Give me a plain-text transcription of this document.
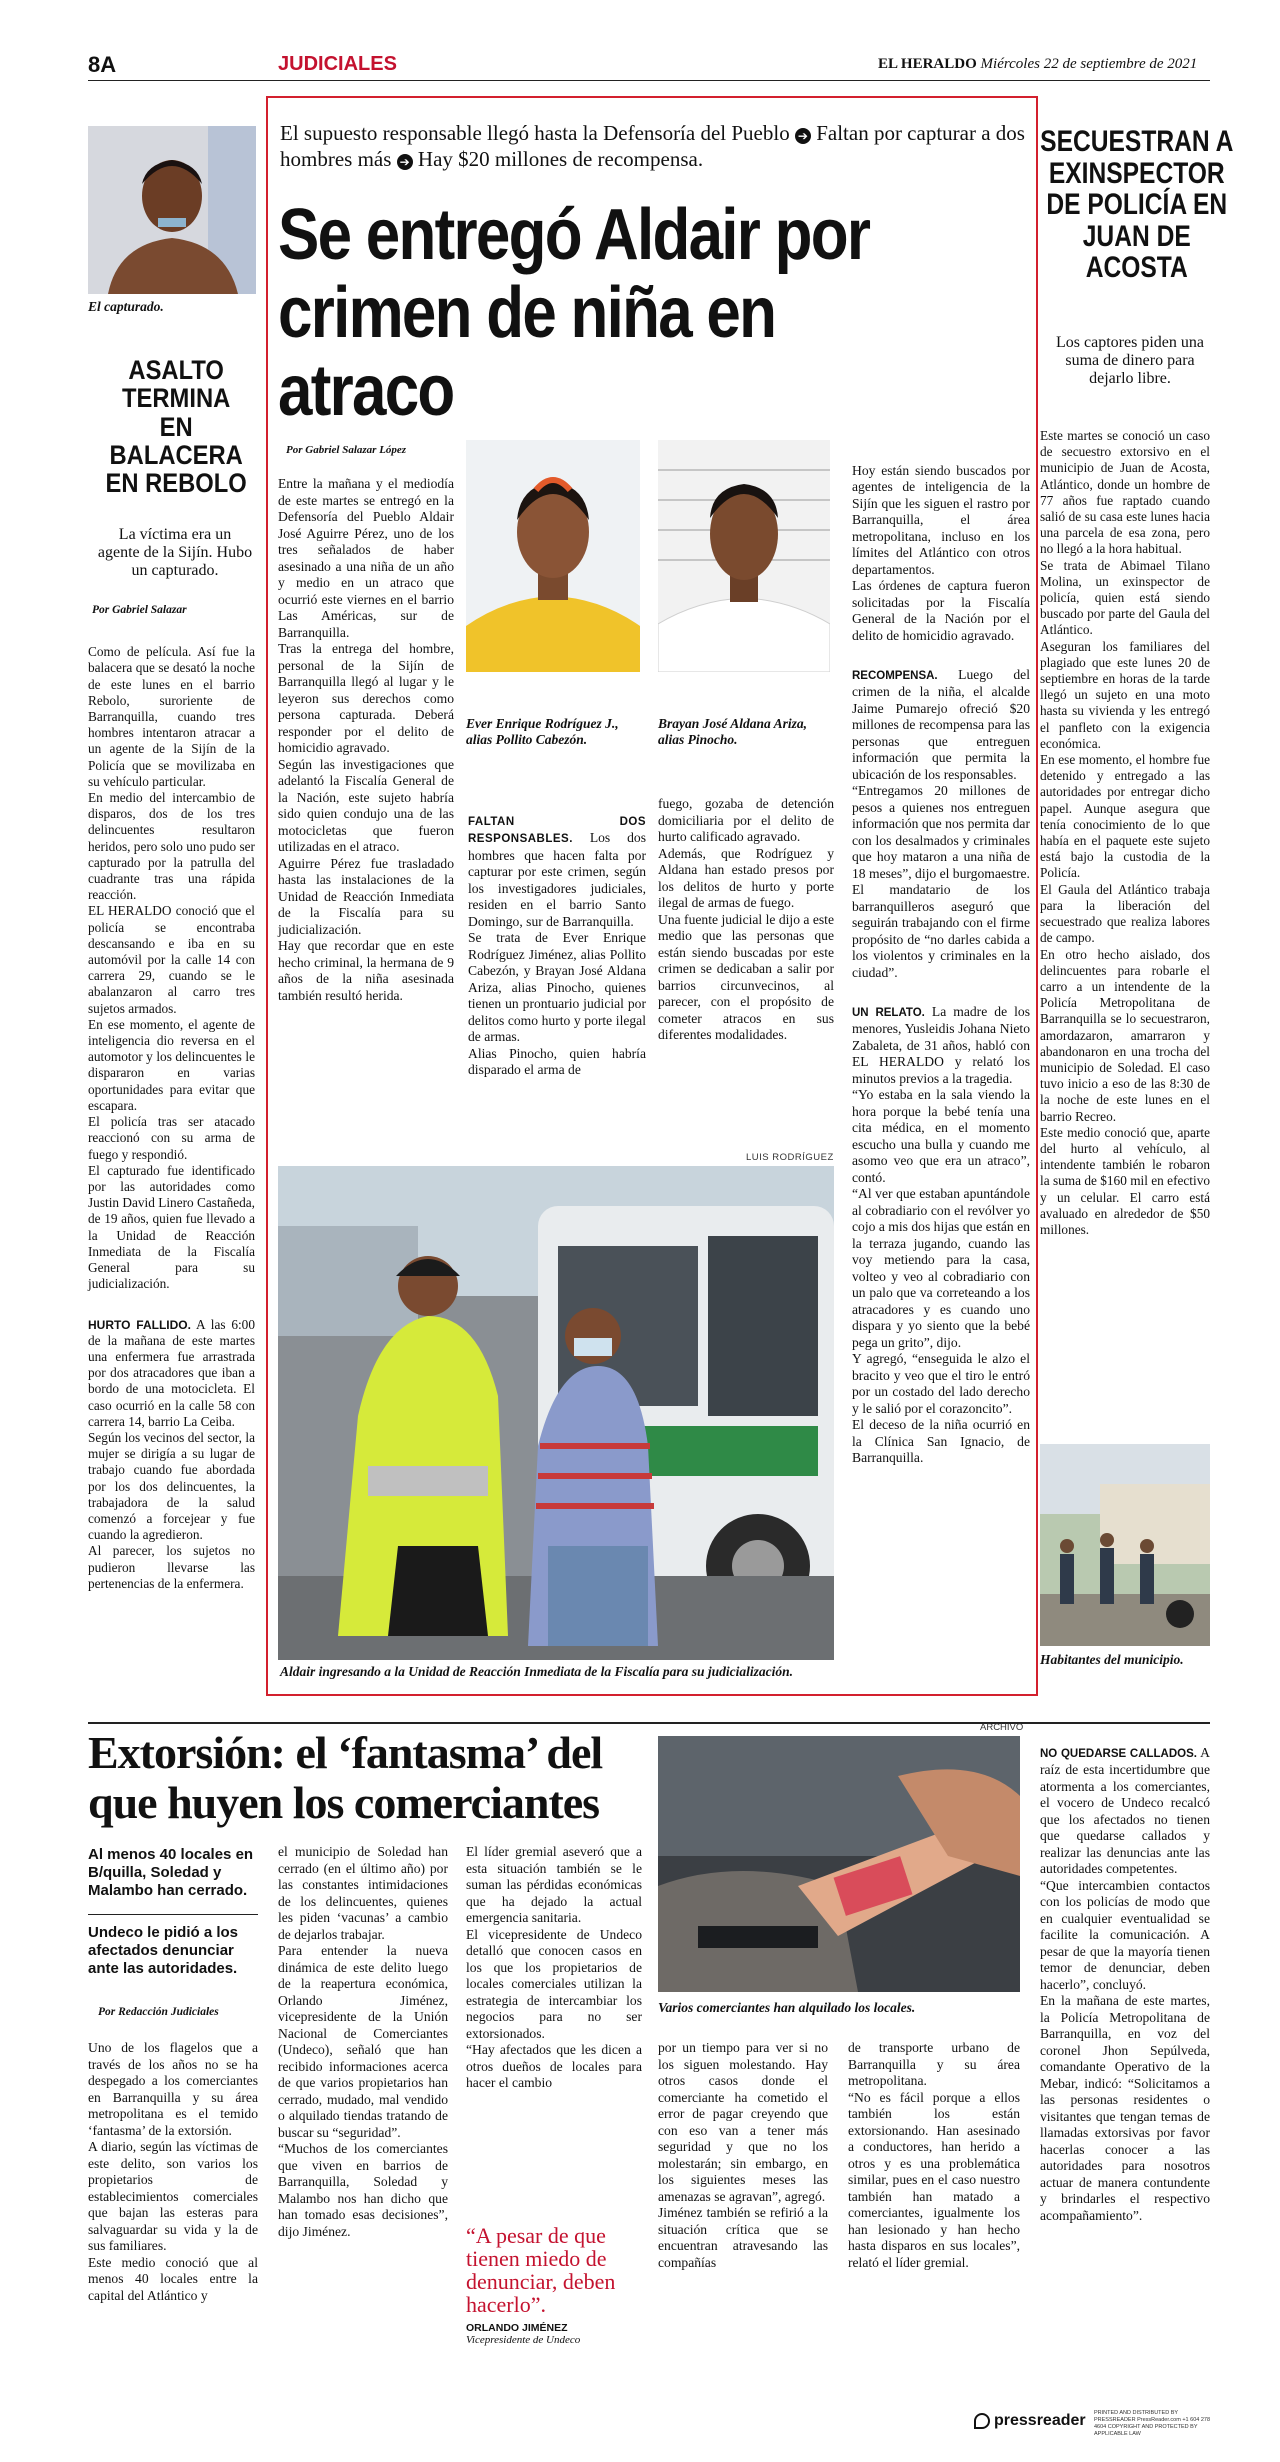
8A	JUDICIALES	EL HERALDO Miércoles 22 de septiembre de 2021
El capturado.
ASALTO TERMINA EN BALACERA EN REBOLO
La víctima era un agente de la Sijín. Hubo un capturado.
Por Gabriel Salazar

Como de película. Así fue la balacera que se desató la noche de este lunes en el barrio Rebolo, suroriente de Barranquilla, cuando tres hombres intentaron atracar a un agente de la Sijín de la Policía que se movilizaba en su vehículo particular.
En medio del intercambio de disparos, dos de los tres delincuentes resultaron heridos, pero solo uno pudo ser capturado por la patrulla del cuadrante tras una rápida reacción.
EL HERALDO conoció que el policía se encontraba descansando e iba en su automóvil por la calle 14 con carrera 29, cuando se le abalanzaron al carro tres sujetos armados.
En ese momento, el agente de inteligencia dio reversa en el automotor y los delincuentes le dispararon en varias oportunidades para evitar que escapara.
El policía tras ser atacado reaccionó con su arma de fuego y respondió.
El capturado fue identificado por las autoridades como Justin David Linero Castañeda, de 19 años, quien fue llevado a la Unidad de Reacción Inmediata de la Fiscalía General para su judicialización.

HURTO FALLIDO. A las 6:00 de la mañana de este martes una enfermera fue arrastrada por dos atracadores que iban a bordo de una motocicleta. El caso ocurrió en la calle 58 con carrera 14, barrio La Ceiba.
Según los vecinos del sector, la mujer se dirigía a su lugar de trabajo cuando fue abordada por los dos delincuentes, la trabajadora de la salud comenzó a forcejear y fue cuando la agredieron.
Al parecer, los sujetos no pudieron llevarse las pertenencias de la enfermera.

El supuesto responsable llegó hasta la Defensoría del Pueblo ➔ Faltan por capturar a dos hombres más ➔ Hay $20 millones de recompensa.
Se entregó Aldair por crimen de niña en atraco
Por Gabriel Salazar López
Entre la mañana y el mediodía de este martes se entregó en la Defensoría del Pueblo Aldair José Aguirre Pérez, uno de los tres señalados de haber asesinado a una niña de un año y medio en un atraco que ocurrió este viernes en el barrio Las Américas, sur de Barranquilla.
Tras la entrega del hombre, personal de la Sijín de Barranquilla llegó al lugar y le leyeron sus derechos como persona capturada. Deberá responder por el delito de homicidio agravado.
Según las investigaciones que adelantó la Fiscalía General de la Nación, este sujeto habría sido quien condujo una de las motocicletas que fueron utilizadas en el atraco.
Aguirre Pérez fue trasladado hasta las instalaciones de la Unidad de Reacción Inmediata de la Fiscalía para su judicialización.
Hay que recordar que en este hecho criminal, la hermana de 9 años de la niña asesinada también resultó herida.
Ever Enrique Rodríguez J., alias Pollito Cabezón.
Brayan José Aldana Ariza, alias Pinocho.

FALTAN DOS RESPONSABLES. Los dos hombres que hacen falta por capturar por este crimen, según los investigadores judiciales, residen en el barrio Santo Domingo, sur de Barranquilla.
Se trata de Ever Enrique Rodríguez Jiménez, alias Pollito Cabezón, y Brayan José Aldana Ariza, alias Pinocho, quienes tienen un prontuario judicial por delitos como hurto y porte ilegal de armas.
Alias Pinocho, quien habría disparado el arma de

fuego, gozaba de detención domiciliaria por el delito de hurto calificado agravado.
Además, que Rodríguez y Aldana han estado presos por los delitos de hurto y porte ilegal de armas de fuego.
Una fuente judicial le dijo a este medio que las personas que están siendo buscadas por este crimen se dedicaban a salir por barrios circunvecinos, al parecer, con el propósito de cometer atracos en sus diferentes modalidades.

Hoy están siendo buscados por agentes de inteligencia de la Sijín que les siguen el rastro por Barranquilla, el área metropolitana, incluso en los límites del Atlántico con otros departamentos.
Las órdenes de captura fueron solicitadas por la Fiscalía General de la Nación por el delito de homicidio agravado.

RECOMPENSA. Luego del crimen de la niña, el alcalde Jaime Pumarejo ofreció $20 millones de recompensa para las personas que entreguen información que permita la ubicación de los responsables.
“Entregamos 20 millones de pesos a quienes nos entreguen información que nos permita dar con los desalmados y criminales que hoy mataron a una niña de 18 meses”, dijo el burgomaestre.
El mandatario de los barranquilleros aseguró que seguirán trabajando con el firme propósito de “no darles cabida a los violentos y criminales en la ciudad”.

UN RELATO. La madre de los menores, Yusleidis Johana Nieto Zabaleta, de 31 años, habló con EL HERALDO y relató los minutos previos a la tragedia.
“Yo estaba en la sala viendo la hora porque la bebé tenía una cita médica, en el momento escucho una bulla y cuando me asomo veo que era un atraco”, contó.
“Al ver que estaban apuntándole al cobradiario con el revólver yo cojo a mis dos hijas que están en la terraza jugando, cuando las voy metiendo para la casa, volteo y veo al cobradiario con un palo que va correteando a los atracadores y es cuando uno dispara y yo siento que la bebé pega un grito”, dijo.
Y agregó, “enseguida le alzo el bracito y veo que el tiro le entró por un costado del lado derecho y le salió por el corazoncito”.
El deceso de la niña ocurrió en la Clínica San Ignacio, de Barranquilla.

LUIS RODRÍGUEZ
Aldair ingresando a la Unidad de Reacción Inmediata de la Fiscalía para su judicialización.
SECUESTRAN A EXINSPECTOR DE POLICÍA EN JUAN DE ACOSTA
Los captores piden una suma de dinero para dejarlo libre.
Este martes se conoció un caso de secuestro extorsivo en el municipio de Juan de Acosta, Atlántico, donde un hombre de 77 años fue raptado cuando salió de su casa este lunes hacia una parcela de esa zona, pero no llegó a la hora habitual.
Se trata de Abimael Tilano Molina, un exinspector de policía, quien está siendo buscado por parte del Gaula del Atlántico.
Aseguran los familiares del plagiado que este lunes 20 de septiembre en horas de la tarde llegó un sujeto en una moto hasta su vivienda y les entregó el panfleto con la exigencia económica.
En ese momento, el hombre fue detenido y entregado a las autoridades por entregar dicho papel. Aunque asegura que tenía conocimiento de lo que había en el paquete este sujeto está bajo la custodia de la Policía.
El Gaula del Atlántico trabaja para la liberación del secuestrado que realiza labores de campo.
En otro hecho aislado, dos delincuentes para robarle el carro a un intendente de la Policía Metropolitana de Barranquilla se lo secuestraron, amordazaron, amarraron y abandonaron en una trocha del municipio de Soledad. El caso tuvo inicio a eso de las 8:30 de la noche de este lunes en el barrio Recreo.
Este medio conoció que, aparte del hurto al vehículo, al intendente también le robaron la suma de $160 mil en efectivo y un celular. El carro está avaluado en alrededor de $50 millones.
Habitantes del municipio.
Extorsión: el ‘fantasma’ del que huyen los comerciantes
Al menos 40 locales en B/quilla, Soledad y Malambo han cerrado.
Undeco le pidió a los afectados denunciar ante las autoridades.
Por Redacción Judiciales
Uno de los flagelos que a través de los años no se ha despegado a los comerciantes en Barranquilla y su área metropolitana es el temido ‘fantasma’ de la extorsión.
A diario, según las víctimas de este delito, son varios los propietarios de establecimientos comerciales que bajan las esteras para salvaguardar su vida y la de sus familiares.
Este medio conoció que al menos 40 locales entre la capital del Atlántico y
el municipio de Soledad han cerrado (en el último año) por las constantes intimidaciones de los delincuentes, quienes les piden ‘vacunas’ a cambio de dejarlos trabajar.
Para entender la nueva dinámica de este delito luego de la reapertura económica, Orlando Jiménez, vicepresidente de la Unión Nacional de Comerciantes (Undeco), señaló que han recibido informaciones acerca de que varios propietarios han cerrado, mudado, mal vendido o alquilado tiendas tratando de buscar su “seguridad”.
“Muchos de los comerciantes que viven en barrios de Barranquilla, Soledad y Malambo nos han dicho que han tomado esas decisiones”, dijo Jiménez.
El líder gremial aseveró que a esta situación también se le suman las pérdidas económicas que ha dejado la actual emergencia sanitaria.
El vicepresidente de Undeco detalló que conocen casos en los que los propietarios de locales comerciales utilizan la estrategia de intercambiar los negocios para no ser extorsionados.
“Hay afectados que les dicen a otros dueños de locales para hacer el cambio
“A pesar de que tienen miedo de denunciar, deben hacerlo”.
ORLANDO JIMÉNEZ
Vicepresidente de Undeco
ARCHIVO
Varios comerciantes han alquilado los locales.
por un tiempo para ver si no los siguen molestando. Hay otros casos donde el comerciante ha cometido el error de pagar creyendo que con eso van a tener más seguridad y que no los molestarán; sin embargo, en los siguientes meses las amenazas se agravan”, agregó.
Jiménez también se refirió a la situación crítica que se encuentran atravesando las compañías
de transporte urbano de Barranquilla y su área metropolitana.
“No es fácil porque a ellos también los están extorsionando. Han asesinado a conductores, han herido a otros y es una problemática similar, pues en el caso nuestro también han matado a comerciantes, igualmente los han lesionado y han hecho hasta disparos en sus locales”, relató el líder gremial.

NO QUEDARSE CALLADOS. A raíz de esta incertidumbre que atormenta a los comerciantes, el vocero de Undeco recalcó que los afectados no tienen que quedarse callados y realizar las denuncias ante las autoridades competentes.
“Que intercambien contactos con los policías de modo que en cualquier eventualidad se facilite la comunicación. A pesar de que la mayoría tienen temor de denunciar, deben hacerlo”, concluyó.
En la mañana de este martes, la Policía Metropolitana de Barranquilla, en voz del coronel Jhon Sepúlveda, comandante Operativo de la Mebar, indicó: “Solicitamos a las personas residentes o visitantes que tengan temas de llamadas extorsivas por favor hacerlas conocer a las autoridades para nosotros actuar de manera contundente y brindarles el respectivo acompañamiento”.

pressreader PRINTED AND DISTRIBUTED BY PRESSREADER PressReader.com +1 604 278 4604 COPYRIGHT AND PROTECTED BY APPLICABLE LAW
